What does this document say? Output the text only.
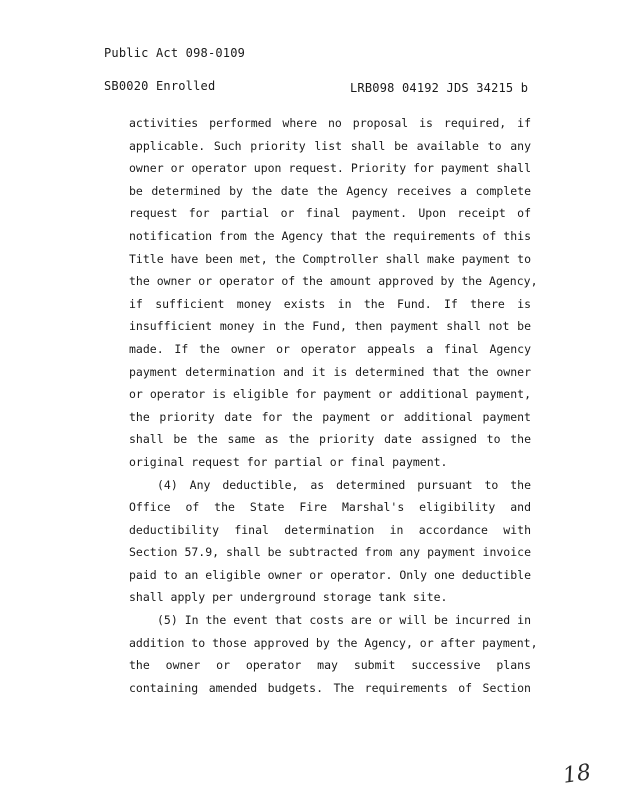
Public Act 098-0109
SB0020 Enrolled	LRB098 04192 JDS 34215 b
activities performed where no proposal is required, if
applicable. Such priority list shall be available to any
owner or operator upon request. Priority for payment shall
be determined by the date the Agency receives a complete
request for partial or final payment. Upon receipt of
notification from the Agency that the requirements of this
Title have been met, the Comptroller shall make payment to
the owner or operator of the amount approved by the Agency,
if sufficient money exists in the Fund. If there is
insufficient money in the Fund, then payment shall not be
made. If the owner or operator appeals a final Agency
payment determination and it is determined that the owner
or operator is eligible for payment or additional payment,
the priority date for the payment or additional payment
shall be the same as the priority date assigned to the
original request for partial or final payment.
(4) Any deductible, as determined pursuant to the
Office of the State Fire Marshal's eligibility and
deductibility final determination in accordance with
Section 57.9, shall be subtracted from any payment invoice
paid to an eligible owner or operator. Only one deductible
shall apply per underground storage tank site.
(5) In the event that costs are or will be incurred in
addition to those approved by the Agency, or after payment,
the owner or operator may submit successive plans
containing amended budgets. The requirements of Section
18
